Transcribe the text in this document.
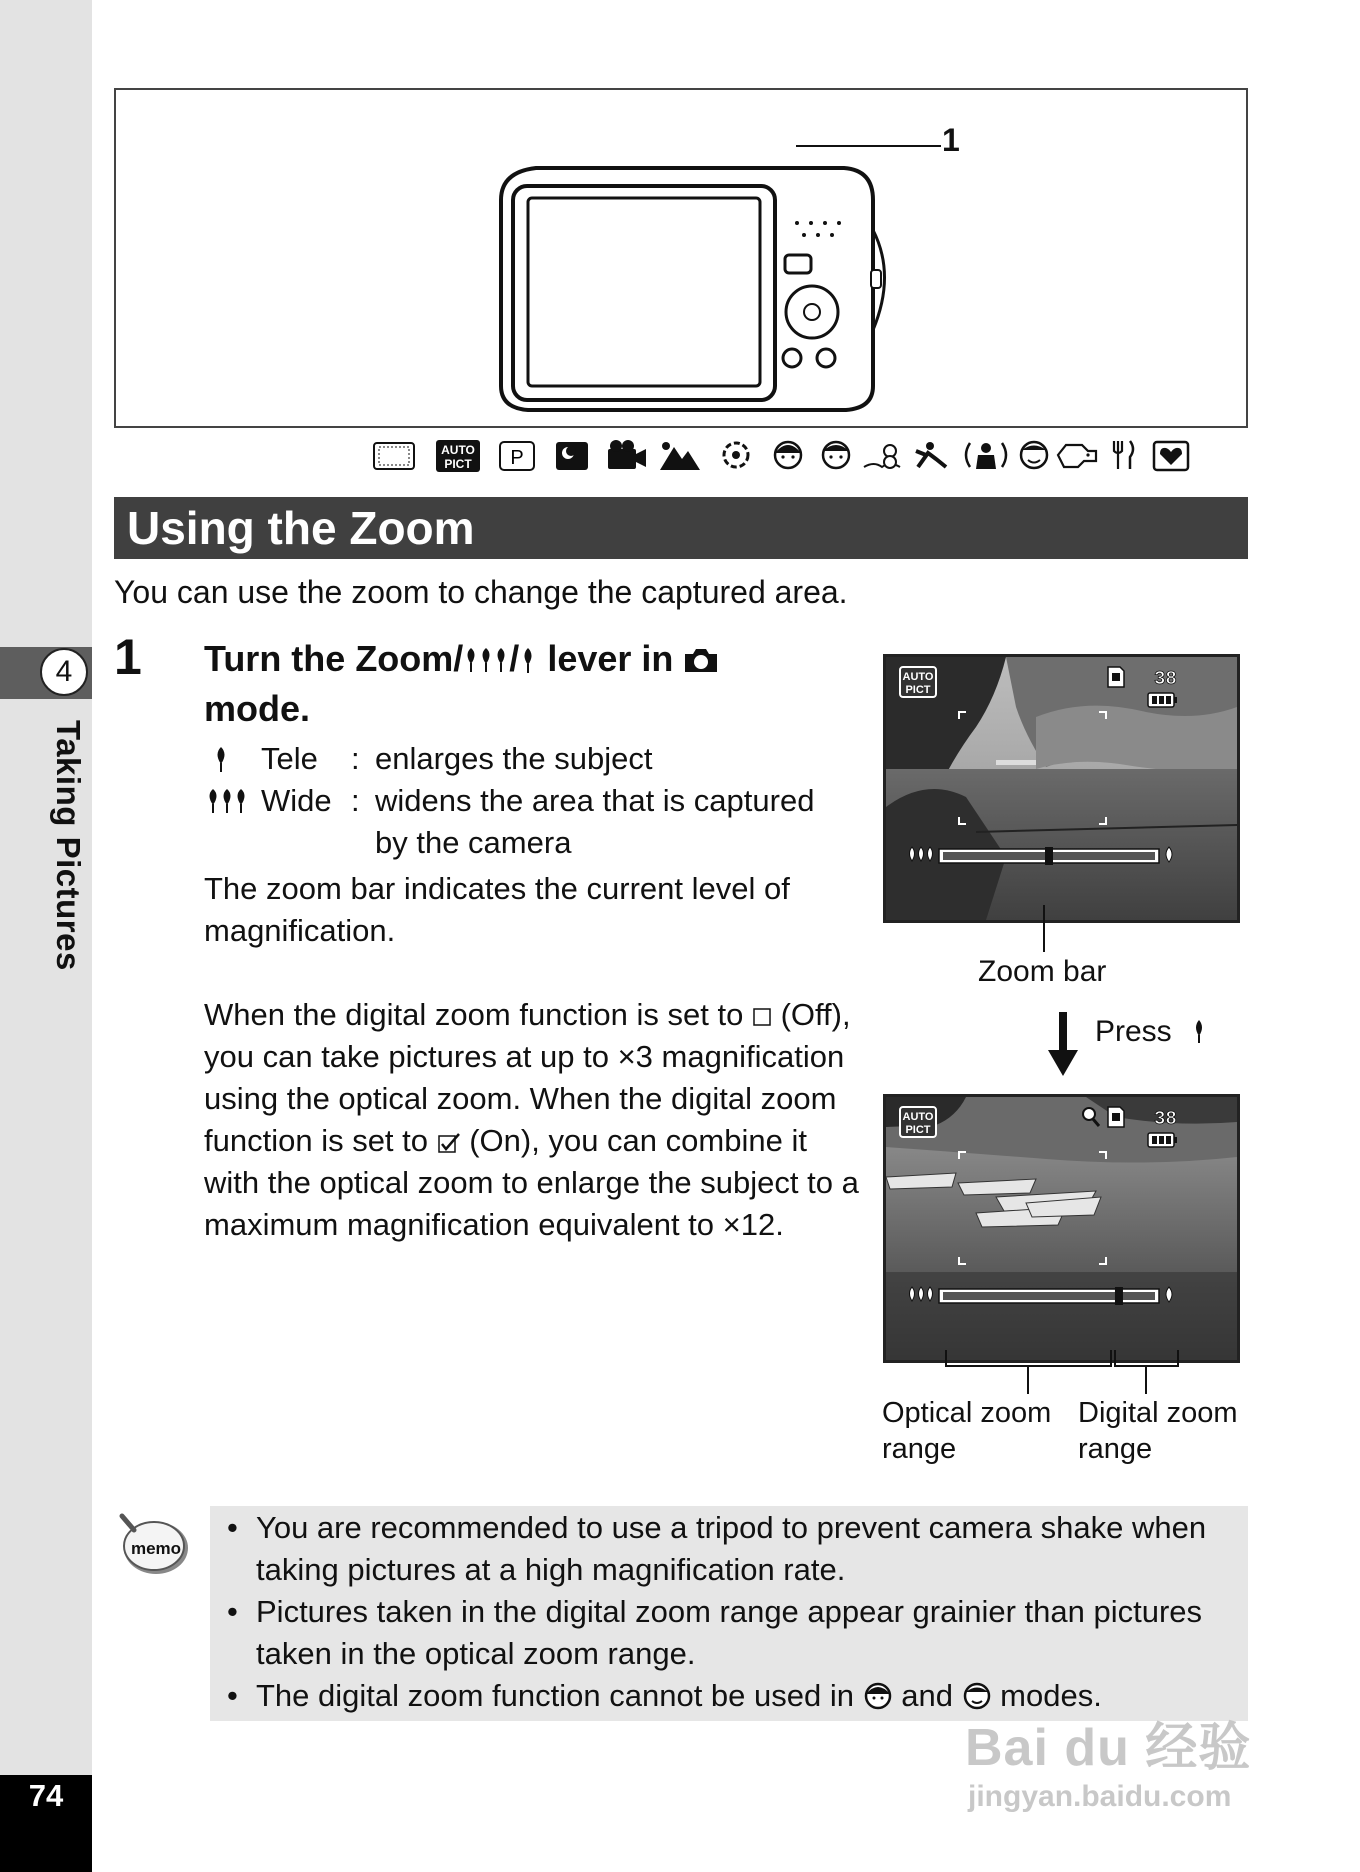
4
Taking Pictures
74
1
AUTO
PICT P
Using the Zoom
You can use the zoom to change the captured area.
1 Turn the Zoom/ / lever in
mode.
Tele : enlarges the subject
Wide : widens the area that is captured
by the camera
The zoom bar indicates the current level of magnification.
When the digital zoom function is set to  (Off), you can take pictures at up to ×3 magnification using the optical zoom. When the digital zoom function is set to  (On), you can combine it with the optical zoom to enlarge the subject to a maximum magnification equivalent to ×12.
AUTO
PICT	38
Zoom bar
Press
AUTO
PICT	38
Optical zoom
range
Digital zoom
range
memo
• You are recommended to use a tripod to prevent camera shake when taking pictures at a high magnification rate.
• Pictures taken in the digital zoom range appear grainier than pictures taken in the optical zoom range.
• The digital zoom function cannot be used in  and  modes.
Bai du 经验
jingyan.baidu.com
